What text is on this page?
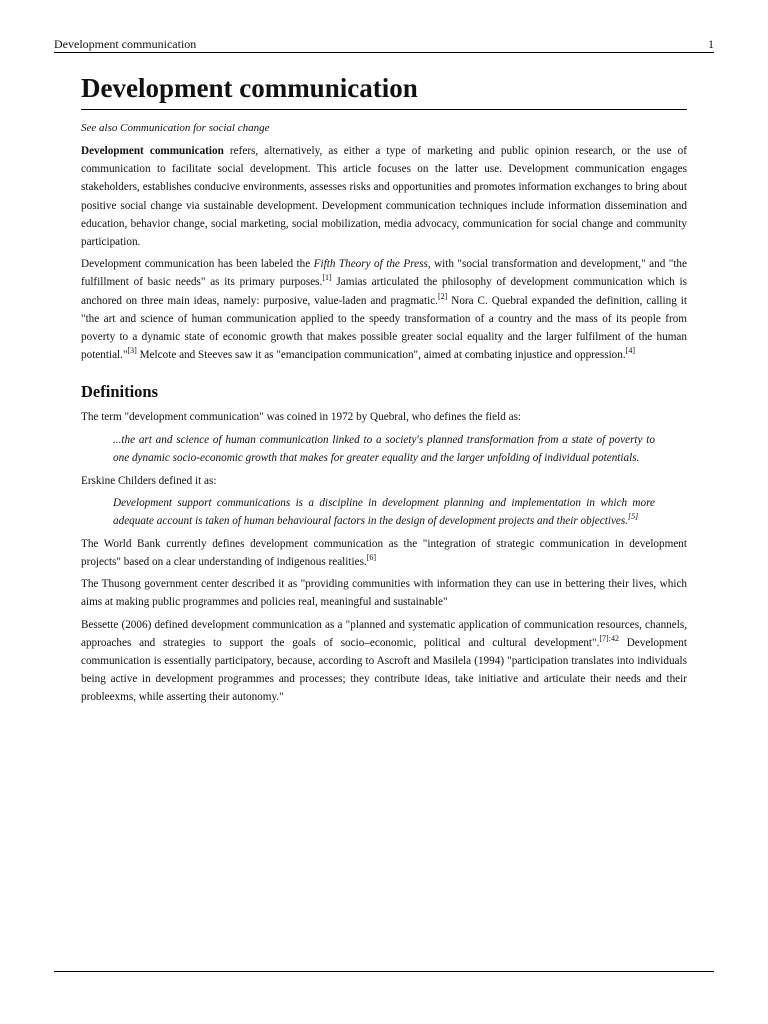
Development communication	1
Development communication
See also Communication for social change

Development communication refers, alternatively, as either a type of marketing and public opinion research, or the use of communication to facilitate social development. This article focuses on the latter use. Development communication engages stakeholders, establishes conducive environments, assesses risks and opportunities and promotes information exchanges to bring about positive social change via sustainable development. Development communication techniques include information dissemination and education, behavior change, social marketing, social mobilization, media advocacy, communication for social change and community participation.

Development communication has been labeled the Fifth Theory of the Press, with "social transformation and development," and "the fulfillment of basic needs" as its primary purposes.[1] Jamias articulated the philosophy of development communication which is anchored on three main ideas, namely: purposive, value-laden and pragmatic.[2] Nora C. Quebral expanded the definition, calling it "the art and science of human communication applied to the speedy transformation of a country and the mass of its people from poverty to a dynamic state of economic growth that makes possible greater social equality and the larger fulfilment of the human potential."[3] Melcote and Steeves saw it as "emancipation communication", aimed at combating injustice and oppression.[4]

Definitions

The term "development communication" was coined in 1972 by Quebral, who defines the field as:

...the art and science of human communication linked to a society's planned transformation from a state of poverty to one dynamic socio-economic growth that makes for greater equality and the larger unfolding of individual potentials.

Erskine Childers defined it as:

Development support communications is a discipline in development planning and implementation in which more adequate account is taken of human behavioural factors in the design of development projects and their objectives.[5]

The World Bank currently defines development communication as the "integration of strategic communication in development projects" based on a clear understanding of indigenous realities.[6]

The Thusong government center described it as "providing communities with information they can use in bettering their lives, which aims at making public programmes and policies real, meaningful and sustainable"

Bessette (2006) defined development communication as a "planned and systematic application of communication resources, channels, approaches and strategies to support the goals of socio–economic, political and cultural development".$^{[7]:42}$ Development communication is essentially participatory, because, according to Ascroft and Masilela (1994) "participation translates into individuals being active in development programmes and processes; they contribute ideas, take initiative and articulate their needs and their probleexms, while asserting their autonomy."
